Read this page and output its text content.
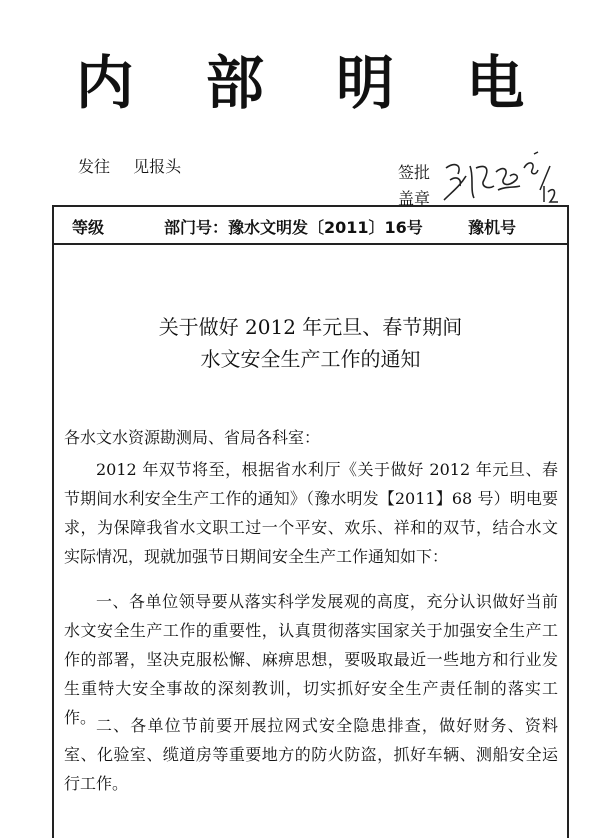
内 部 明 电
发往 见报头	签批
盖章
等级	部门号：豫水文明发〔2011〕16号	豫机号
关于做好 2012 年元旦、春节期间
水文安全生产工作的通知
各水文水资源勘测局、省局各科室：
2012 年双节将至，根据省水利厅《关于做好 2012 年元旦、春节期间水利安全生产工作的通知》（豫水明发【2011】68 号）明电要求，为保障我省水文职工过一个平安、欢乐、祥和的双节，结合水文实际情况，现就加强节日期间安全生产工作通知如下：
一、各单位领导要从落实科学发展观的高度，充分认识做好当前水文安全生产工作的重要性，认真贯彻落实国家关于加强安全生产工作的部署，坚决克服松懈、麻痹思想，要吸取最近一些地方和行业发生重特大安全事故的深刻教训，切实抓好安全生产责任制的落实工作。 二、各单位节前要开展拉网式安全隐患排查，做好财务、资料室、化验室、缆道房等重要地方的防火防盗，抓好车辆、测船安全运行工作。
